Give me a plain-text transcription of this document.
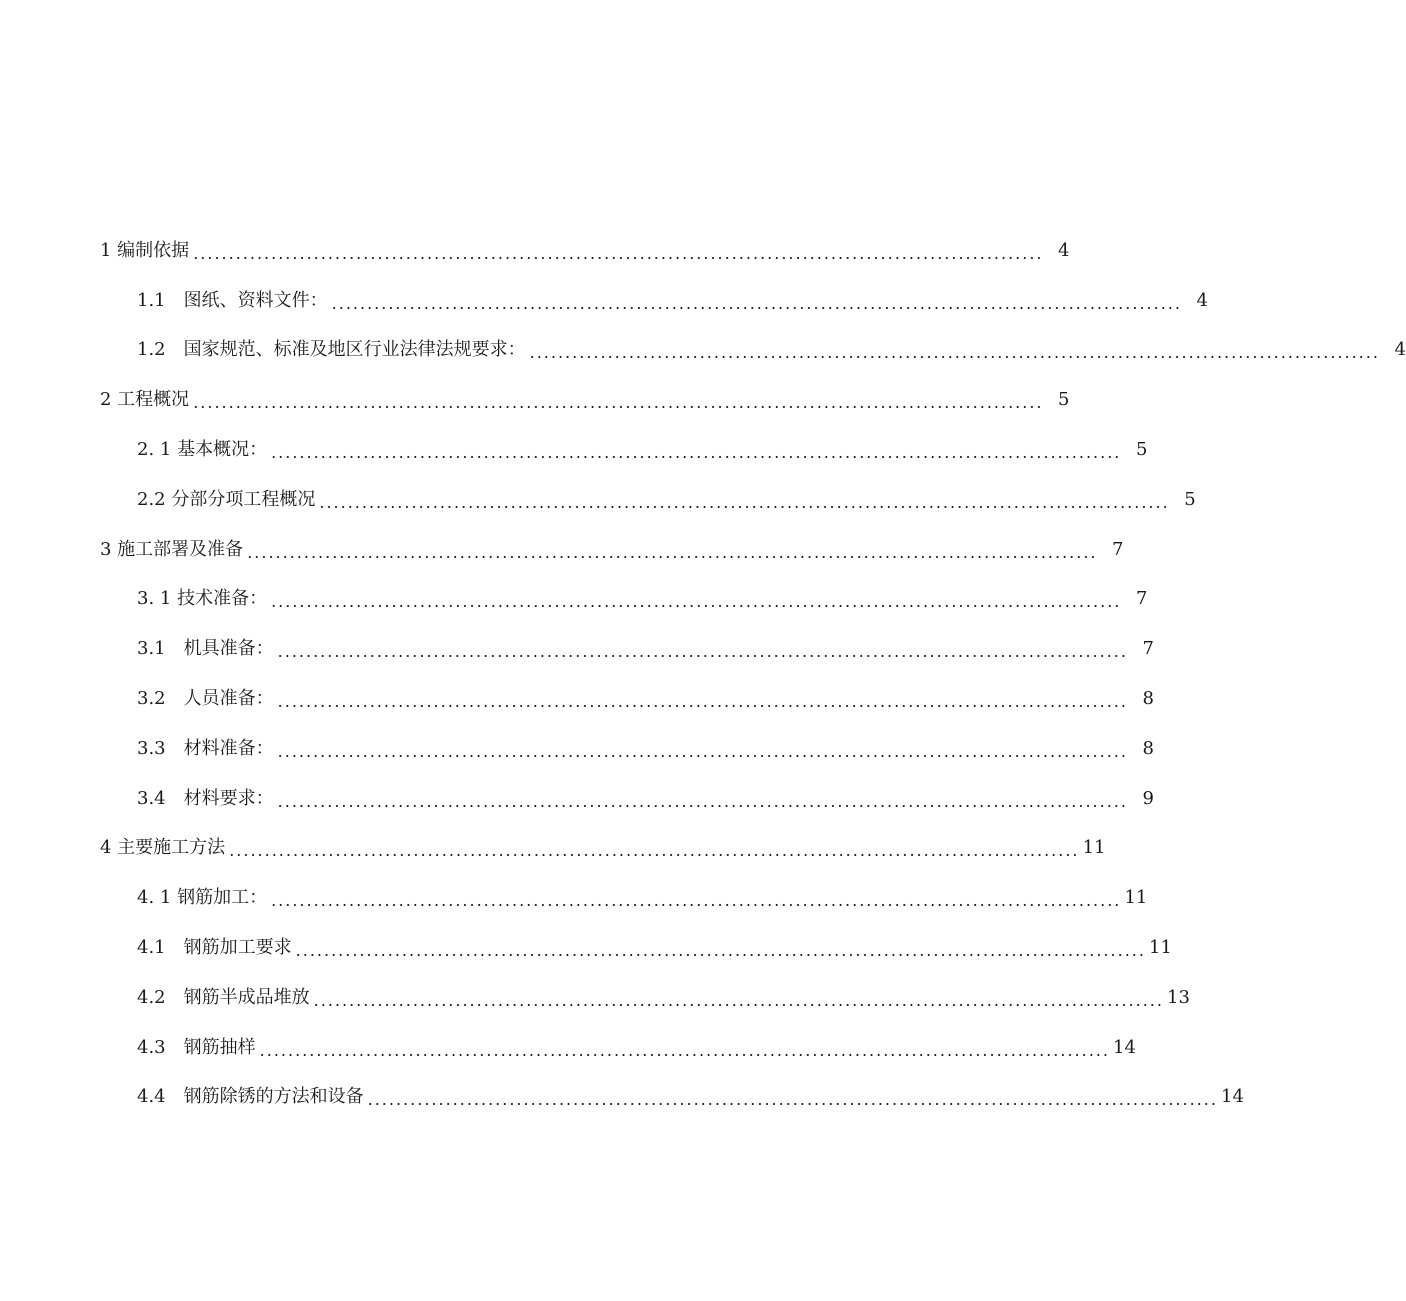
1 编制依据 ........................................................................................................................ 4
1.1　图纸、资料文件： ........................................................................................................................ 4
1.2　国家规范、标准及地区行业法律法规要求： ........................................................................................................................ 4
2 工程概况 ........................................................................................................................ 5
2. 1 基本概况： ........................................................................................................................ 5
2.2 分部分项工程概况 ........................................................................................................................ 5
3 施工部署及准备 ........................................................................................................................ 7
3. 1 技术准备： ........................................................................................................................ 7
3.1　机具准备： ........................................................................................................................ 7
3.2　人员准备： ........................................................................................................................ 8
3.3　材料准备： ........................................................................................................................ 8
3.4　材料要求： ........................................................................................................................ 9
4 主要施工方法 ........................................................................................................................ 11
4. 1 钢筋加工： ........................................................................................................................ 11
4.1　钢筋加工要求 ........................................................................................................................ 11
4.2　钢筋半成品堆放 ........................................................................................................................ 13
4.3　钢筋抽样 ........................................................................................................................ 14
4.4　钢筋除锈的方法和设备 ........................................................................................................................ 14
